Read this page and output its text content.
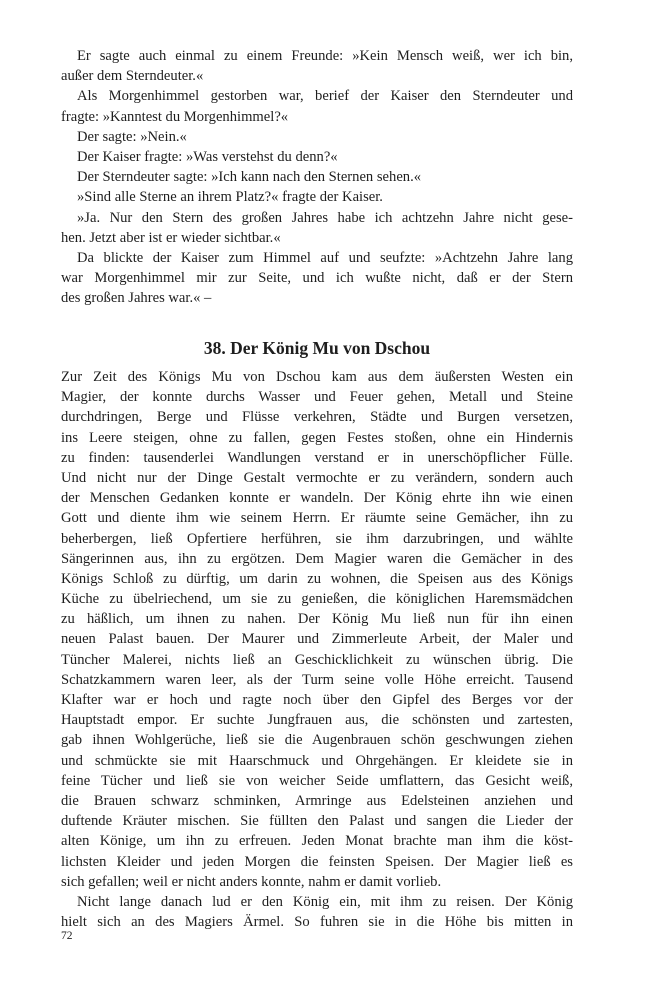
Er sagte auch einmal zu einem Freunde: »Kein Mensch weiß, wer ich bin,
außer dem Sterndeuter.«
Als Morgenhimmel gestorben war, berief der Kaiser den Sterndeuter und
fragte: »Kanntest du Morgenhimmel?«
Der sagte: »Nein.«
Der Kaiser fragte: »Was verstehst du denn?«
Der Sterndeuter sagte: »Ich kann nach den Sternen sehen.«
»Sind alle Sterne an ihrem Platz?« fragte der Kaiser.
»Ja. Nur den Stern des großen Jahres habe ich achtzehn Jahre nicht gese-
hen. Jetzt aber ist er wieder sichtbar.«
Da blickte der Kaiser zum Himmel auf und seufzte: »Achtzehn Jahre lang
war Morgenhimmel mir zur Seite, und ich wußte nicht, daß er der Stern
des großen Jahres war.« –
38. Der König Mu von Dschou
Zur Zeit des Königs Mu von Dschou kam aus dem äußersten Westen ein
Magier, der konnte durchs Wasser und Feuer gehen, Metall und Steine
durchdringen, Berge und Flüsse verkehren, Städte und Burgen versetzen,
ins Leere steigen, ohne zu fallen, gegen Festes stoßen, ohne ein Hindernis
zu finden: tausenderlei Wandlungen verstand er in unerschöpflicher Fülle.
Und nicht nur der Dinge Gestalt vermochte er zu verändern, sondern auch
der Menschen Gedanken konnte er wandeln. Der König ehrte ihn wie einen
Gott und diente ihm wie seinem Herrn. Er räumte seine Gemächer, ihn zu
beherbergen, ließ Opfertiere herführen, sie ihm darzubringen, und wählte
Sängerinnen aus, ihn zu ergötzen. Dem Magier waren die Gemächer in des
Königs Schloß zu dürftig, um darin zu wohnen, die Speisen aus des Königs
Küche zu übelriechend, um sie zu genießen, die königlichen Haremsmädchen
zu häßlich, um ihnen zu nahen. Der König Mu ließ nun für ihn einen
neuen Palast bauen. Der Maurer und Zimmerleute Arbeit, der Maler und
Tüncher Malerei, nichts ließ an Geschicklichkeit zu wünschen übrig. Die
Schatzkammern waren leer, als der Turm seine volle Höhe erreicht. Tausend
Klafter war er hoch und ragte noch über den Gipfel des Berges vor der
Hauptstadt empor. Er suchte Jungfrauen aus, die schönsten und zartesten,
gab ihnen Wohlgerüche, ließ sie die Augenbrauen schön geschwungen ziehen
und schmückte sie mit Haarschmuck und Ohrgehängen. Er kleidete sie in
feine Tücher und ließ sie von weicher Seide umflattern, das Gesicht weiß,
die Brauen schwarz schminken, Armringe aus Edelsteinen anziehen und
duftende Kräuter mischen. Sie füllten den Palast und sangen die Lieder der
alten Könige, um ihn zu erfreuen. Jeden Monat brachte man ihm die köst-
lichsten Kleider und jeden Morgen die feinsten Speisen. Der Magier ließ es
sich gefallen; weil er nicht anders konnte, nahm er damit vorlieb.
Nicht lange danach lud er den König ein, mit ihm zu reisen. Der König
hielt sich an des Magiers Ärmel. So fuhren sie in die Höhe bis mitten in
72
